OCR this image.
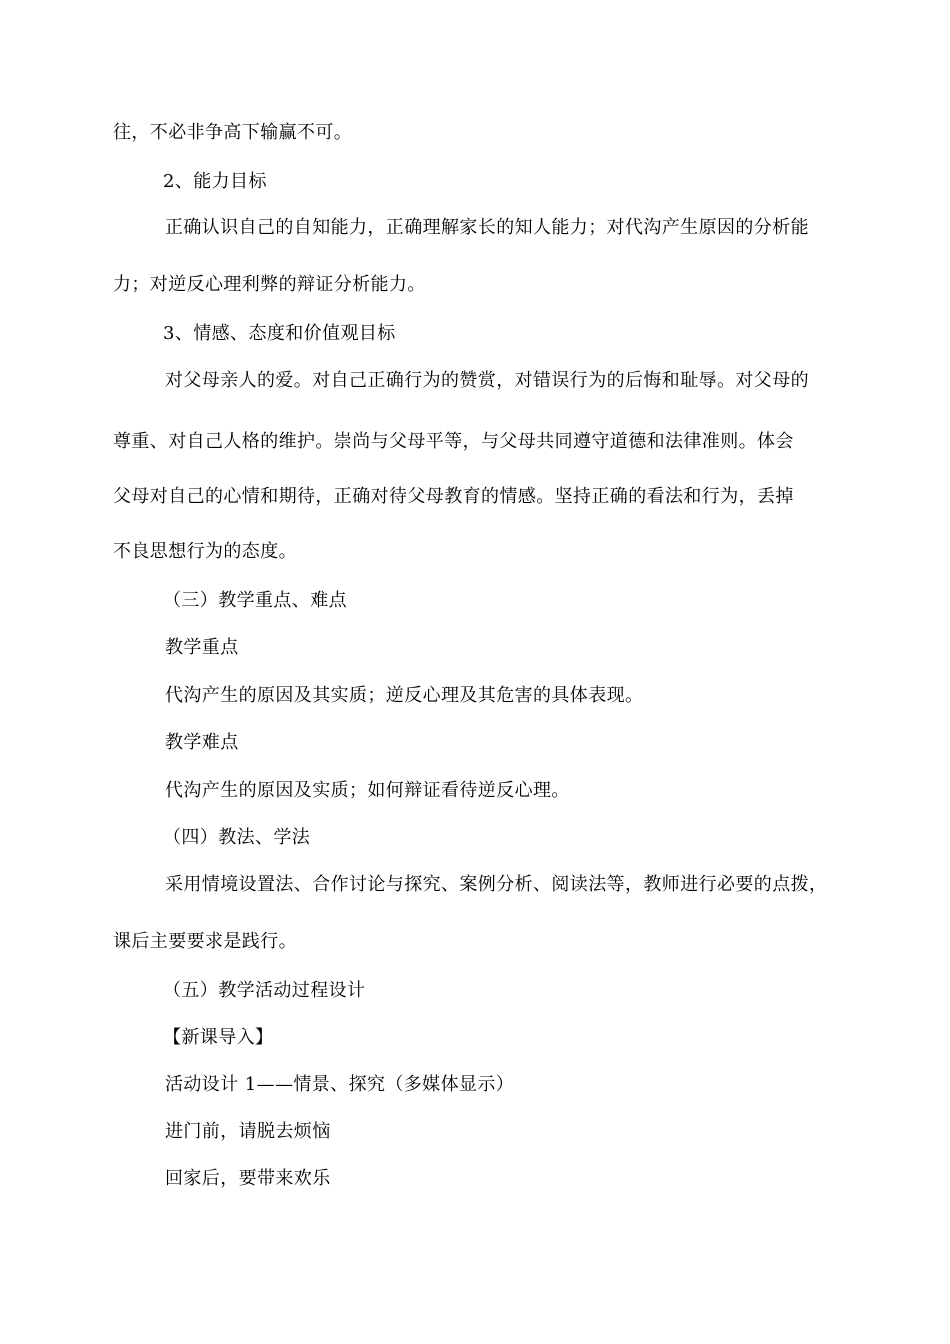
往，不必非争高下输赢不可。
2、能力目标
正确认识自己的自知能力，正确理解家长的知人能力；对代沟产生原因的分析能
力；对逆反心理利弊的辩证分析能力。
3、情感、态度和价值观目标
对父母亲人的爱。对自己正确行为的赞赏，对错误行为的后悔和耻辱。对父母的
尊重、对自己人格的维护。崇尚与父母平等，与父母共同遵守道德和法律准则。体会
父母对自己的心情和期待，正确对待父母教育的情感。坚持正确的看法和行为，丢掉
不良思想行为的态度。
（三）教学重点、难点
教学重点
代沟产生的原因及其实质；逆反心理及其危害的具体表现。
教学难点
代沟产生的原因及实质；如何辩证看待逆反心理。
（四）教法、学法
采用情境设置法、合作讨论与探究、案例分析、阅读法等，教师进行必要的点拨，
课后主要要求是践行。
（五）教学活动过程设计
【新课导入】
活动设计 1——情景、探究（多媒体显示）
进门前，请脱去烦恼
回家后，要带来欢乐
